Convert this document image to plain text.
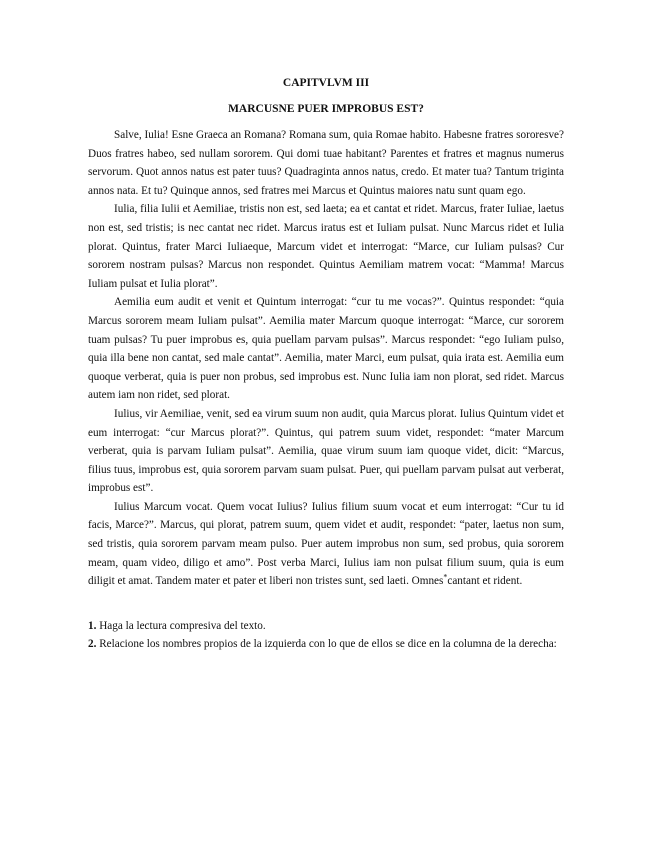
CAPITVLVM III
MARCUSNE PUER IMPROBUS EST?

Salve, Iulia! Esne Graeca an Romana? Romana sum, quia Romae habito. Habesne fratres sororesve? Duos fratres habeo, sed nullam sororem. Qui domi tuae habitant? Parentes et fratres et magnus numerus servorum. Quot annos natus est pater tuus? Quadraginta annos natus, credo. Et mater tua? Tantum triginta annos nata. Et tu? Quinque annos, sed fratres mei Marcus et Quintus maiores natu sunt quam ego.

Iulia, filia Iulii et Aemiliae, tristis non est, sed laeta; ea et cantat et ridet. Marcus, frater Iuliae, laetus non est, sed tristis; is nec cantat nec ridet. Marcus iratus est et Iuliam pulsat. Nunc Marcus ridet et Iulia plorat. Quintus, frater Marci Iuliaeque, Marcum videt et interrogat: “Marce, cur Iuliam pulsas? Cur sororem nostram pulsas? Marcus non respondet. Quintus Aemiliam matrem vocat: “Mamma! Marcus Iuliam pulsat et Iulia plorat”.

Aemilia eum audit et venit et Quintum interrogat: “cur tu me vocas?”. Quintus respondet: “quia Marcus sororem meam Iuliam pulsat”. Aemilia mater Marcum quoque interrogat: “Marce, cur sororem tuam pulsas? Tu puer improbus es, quia puellam parvam pulsas”. Marcus respondet: “ego Iuliam pulso, quia illa bene non cantat, sed male cantat”. Aemilia, mater Marci, eum pulsat, quia irata est. Aemilia eum quoque verberat, quia is puer non probus, sed improbus est. Nunc Iulia iam non plorat, sed ridet. Marcus autem iam non ridet, sed plorat.

Iulius, vir Aemiliae, venit, sed ea virum suum non audit, quia Marcus plorat. Iulius Quintum videt et eum interrogat: “cur Marcus plorat?”. Quintus, qui patrem suum videt, respondet: “mater Marcum verberat, quia is parvam Iuliam pulsat”. Aemilia, quae virum suum iam quoque videt, dicit: “Marcus, filius tuus, improbus est, quia sororem parvam suam pulsat. Puer, qui puellam parvam pulsat aut verberat, improbus est”.

Iulius Marcum vocat. Quem vocat Iulius? Iulius filium suum vocat et eum interrogat: “Cur tu id facis, Marce?”. Marcus, qui plorat, patrem suum, quem videt et audit, respondet: “pater, laetus non sum, sed tristis, quia sororem parvam meam pulso. Puer autem improbus non sum, sed probus, quia sororem meam, quam video, diligo et amo”. Post verba Marci, Iulius iam non pulsat filium suum, quia is eum diligit et amat. Tandem mater et pater et liberi non tristes sunt, sed laeti. Omnes*cantant et rident.

1. Haga la lectura compresiva del texto.

2. Relacione los nombres propios de la izquierda con lo que de ellos se dice en la columna de la derecha:
